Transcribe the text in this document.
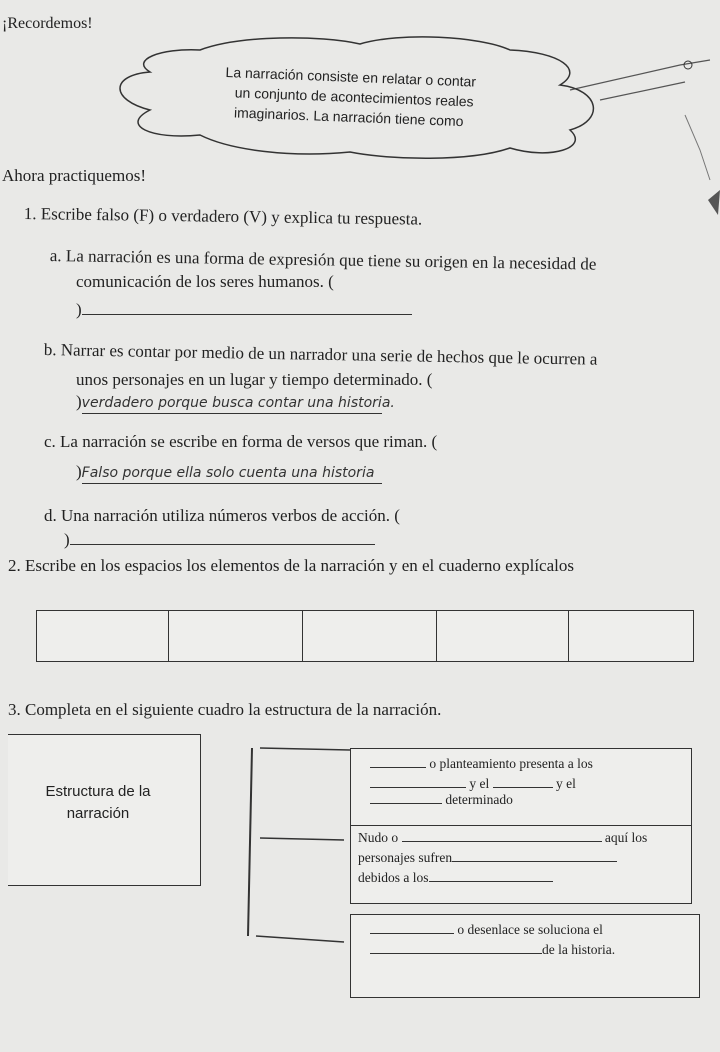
¡Recordemos!
La narración consiste en relatar o contar
un conjunto de acontecimientos reales
imaginarios. La narración tiene como
Ahora practiquemos!
1. Escribe falso (F) o verdadero (V) y explica tu respuesta.
a. La narración es una forma de expresión que tiene su origen en la necesidad de
comunicación de los seres humanos. (
)
b. Narrar es contar por medio de un narrador una serie de hechos que le ocurren a
unos personajes en un lugar y tiempo determinado. (
)verdadero porque busca contar una historia.
c. La narración se escribe en forma de versos que riman. (
)Falso porque ella solo cuenta una historia
d. Una narración utiliza números verbos de acción. (
)
2. Escribe en los espacios los elementos de la narración y en el cuaderno explícalos
3. Completa en el siguiente cuadro la estructura de la narración.
Estructura de la
narración
o planteamiento presenta a los
y el	y el
determinado
Nudo o	aquí los
personajes sufren
debidos a los
o desenlace se soluciona el
de la historia.
